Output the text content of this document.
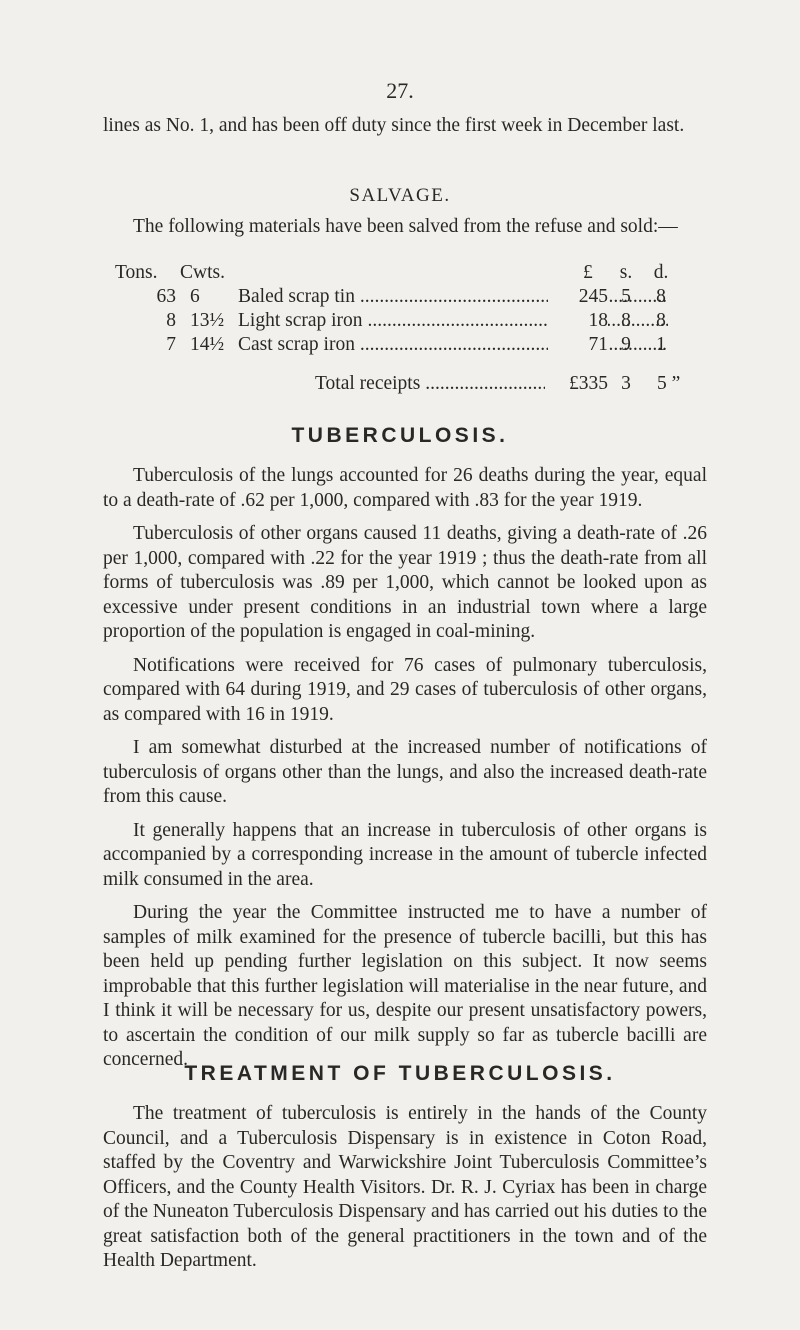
27.
lines as No. 1, and has been off duty since the first week in December last.
SALVAGE.
The following materials have been salved from the refuse and sold:—
Tons. Cwts.	£ s. d.
63 6	Baled scrap tin .....	245 5	8
8 13½ Light scrap iron .....	18 8	8
7 14½ Cast scrap iron .....	71 9	1
Total receipts .....	£335 3	5 ”
TUBERCULOSIS.

Tuberculosis of the lungs accounted for 26 deaths during the year, equal to a death-rate of .62 per 1,000, compared with .83 for the year 1919.

Tuberculosis of other organs caused 11 deaths, giving a death-rate of .26 per 1,000, compared with .22 for the year 1919 ; thus the death-rate from all forms of tuberculosis was .89 per 1,000, which cannot be looked upon as excessive under present conditions in an industrial town where a large proportion of the population is engaged in coal-mining.

Notifications were received for 76 cases of pulmonary tuberculosis, compared with 64 during 1919, and 29 cases of tuberculosis of other organs, as compared with 16 in 1919.

I am somewhat disturbed at the increased number of notifications of tuberculosis of organs other than the lungs, and also the increased death-rate from this cause.

It generally happens that an increase in tuberculosis of other organs is accompanied by a corresponding increase in the amount of tubercle infected milk consumed in the area.

During the year the Committee instructed me to have a number of samples of milk examined for the presence of tubercle bacilli, but this has been held up pending further legislation on this subject. It now seems improbable that this further legislation will materialise in the near future, and I think it will be necessary for us, despite our present unsatisfactory powers, to ascertain the condition of our milk supply so far as tubercle bacilli are concerned.

TREATMENT OF TUBERCULOSIS.

The treatment of tuberculosis is entirely in the hands of the County Council, and a Tuberculosis Dispensary is in existence in Coton Road, staffed by the Coventry and Warwickshire Joint Tuberculosis Committee’s Officers, and the County Health Visitors. Dr. R. J. Cyriax has been in charge of the Nuneaton Tuberculosis Dispensary and has carried out his duties to the great satisfaction both of the general practitioners in the town and of the Health Department.
